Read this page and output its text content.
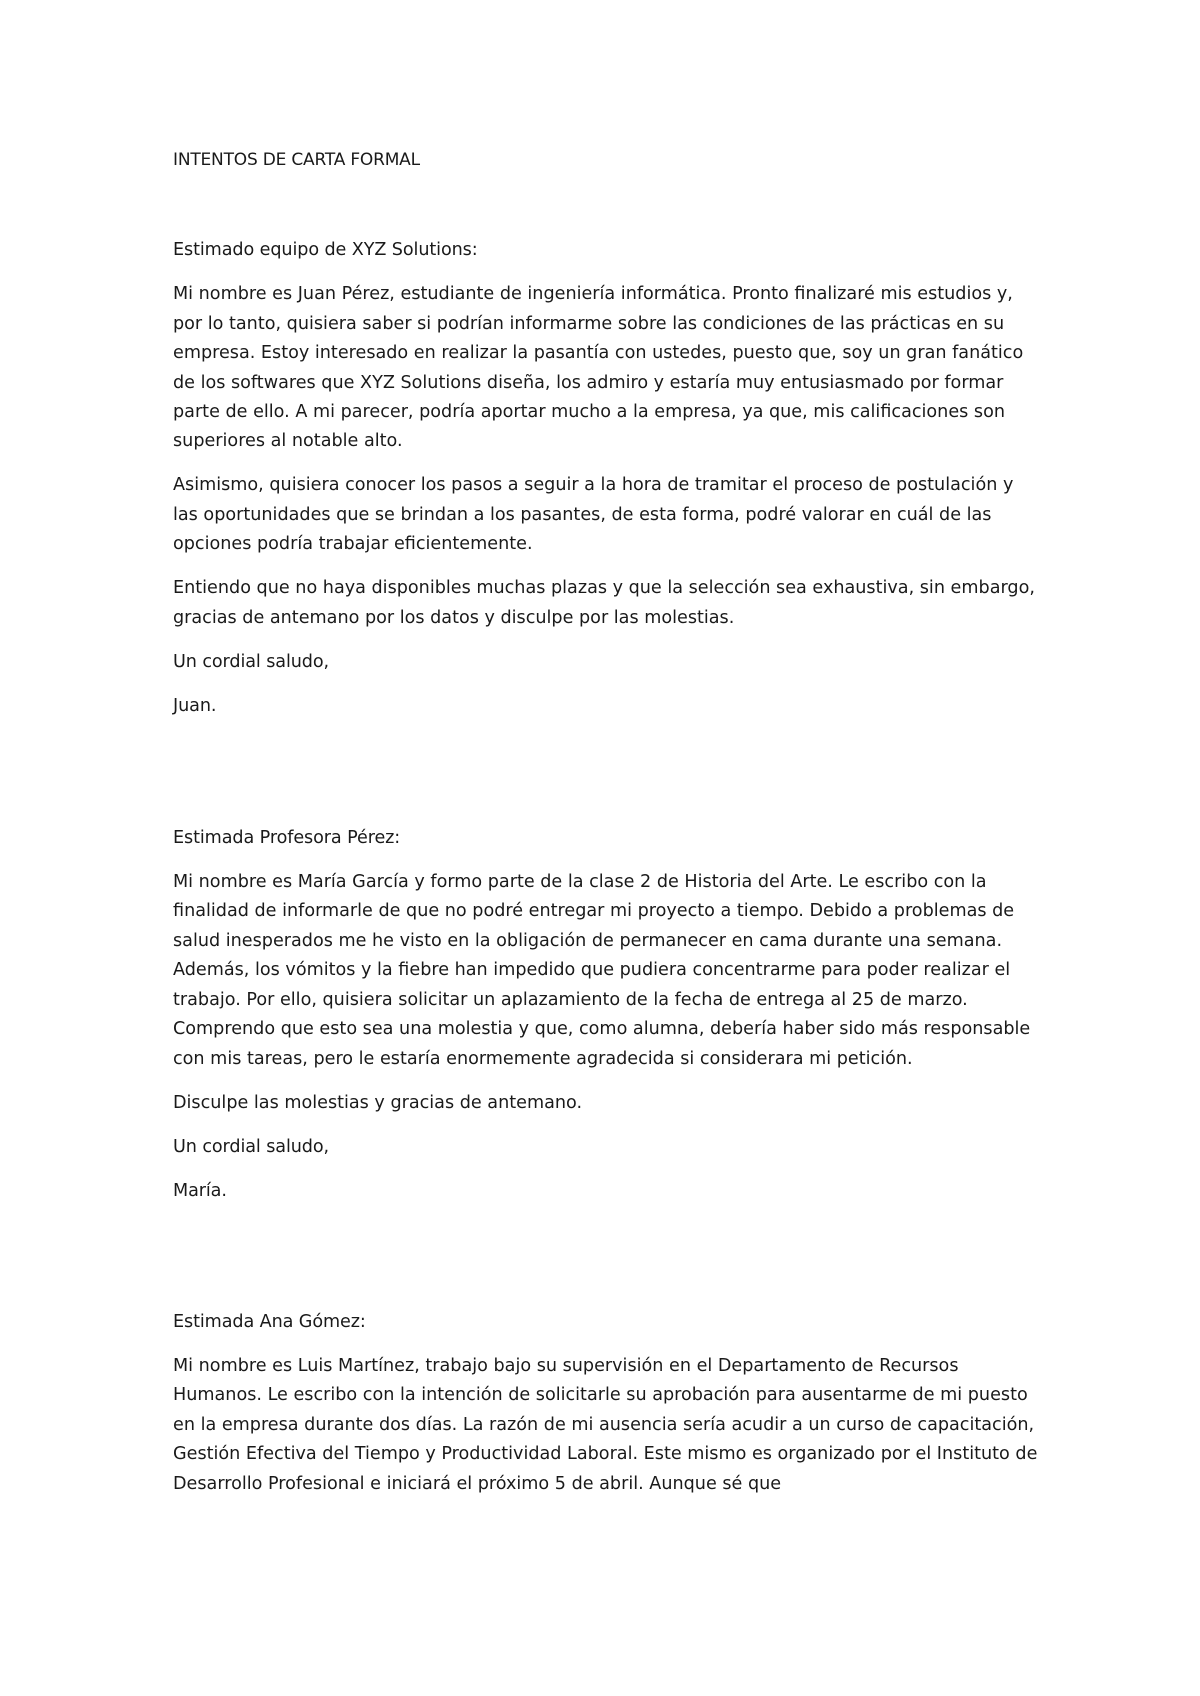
INTENTOS DE CARTA FORMAL

Estimado equipo de XYZ Solutions:

Mi nombre es Juan Pérez, estudiante de ingeniería informática. Pronto finalizaré mis estudios y, por lo tanto, quisiera saber si podrían informarme sobre las condiciones de las prácticas en su empresa. Estoy interesado en realizar la pasantía con ustedes, puesto que, soy un gran fanático de los softwares que XYZ Solutions diseña, los admiro y estaría muy entusiasmado por formar parte de ello. A mi parecer, podría aportar mucho a la empresa, ya que, mis calificaciones son superiores al notable alto.

Asimismo, quisiera conocer los pasos a seguir a la hora de tramitar el proceso de postulación y las oportunidades que se brindan a los pasantes, de esta forma, podré valorar en cuál de las opciones podría trabajar eficientemente.

Entiendo que no haya disponibles muchas plazas y que la selección sea exhaustiva, sin embargo, gracias de antemano por los datos y disculpe por las molestias.

Un cordial saludo,

Juan.

Estimada Profesora Pérez:

Mi nombre es María García y formo parte de la clase 2 de Historia del Arte. Le escribo con la finalidad de informarle de que no podré entregar mi proyecto a tiempo. Debido a problemas de salud inesperados me he visto en la obligación de permanecer en cama durante una semana. Además, los vómitos y la fiebre han impedido que pudiera concentrarme para poder realizar el trabajo. Por ello, quisiera solicitar un aplazamiento de la fecha de entrega al 25 de marzo. Comprendo que esto sea una molestia y que, como alumna, debería haber sido más responsable con mis tareas, pero le estaría enormemente agradecida si considerara mi petición.

Disculpe las molestias y gracias de antemano.

Un cordial saludo,

María.

Estimada Ana Gómez:

Mi nombre es Luis Martínez, trabajo bajo su supervisión en el Departamento de Recursos Humanos. Le escribo con la intención de solicitarle su aprobación para ausentarme de mi puesto en la empresa durante dos días. La razón de mi ausencia sería acudir a un curso de capacitación, Gestión Efectiva del Tiempo y Productividad Laboral. Este mismo es organizado por el Instituto de Desarrollo Profesional e iniciará el próximo 5 de abril. Aunque sé que
